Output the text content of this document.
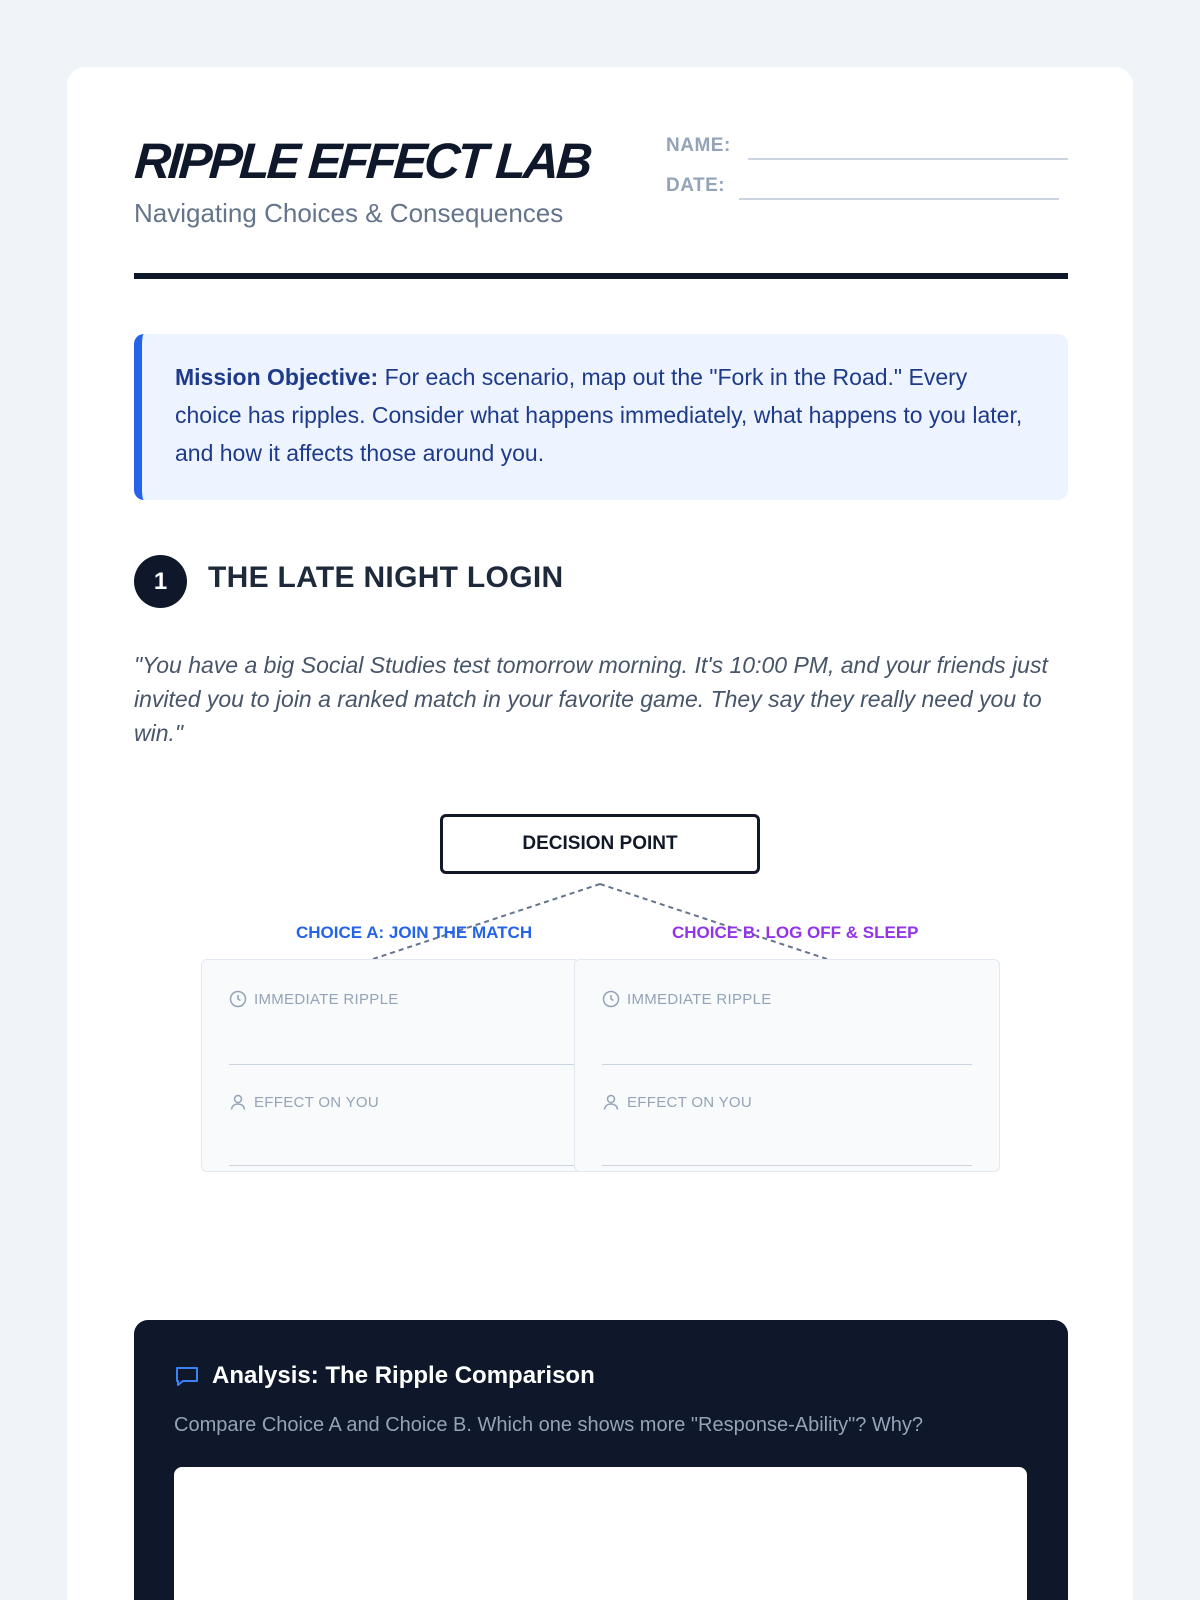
RIPPLE EFFECT LAB
Navigating Choices & Consequences
NAME:
DATE:
Mission Objective: For each scenario, map out the "Fork in the Road." Every choice has ripples. Consider what happens immediately, what happens to you later, and how it affects those around you.
1	THE LATE NIGHT LOGIN
"You have a big Social Studies test tomorrow morning. It's 10:00 PM, and your friends just invited you to join a ranked match in your favorite game. They say they really need you to win."
DECISION POINT
CHOICE A: JOIN THE MATCH	CHOICE B: LOG OFF & SLEEP
IMMEDIATE RIPPLE
EFFECT ON YOU
IMMEDIATE RIPPLE
EFFECT ON YOU
Analysis: The Ripple Comparison
Compare Choice A and Choice B. Which one shows more "Response-Ability"? Why?
